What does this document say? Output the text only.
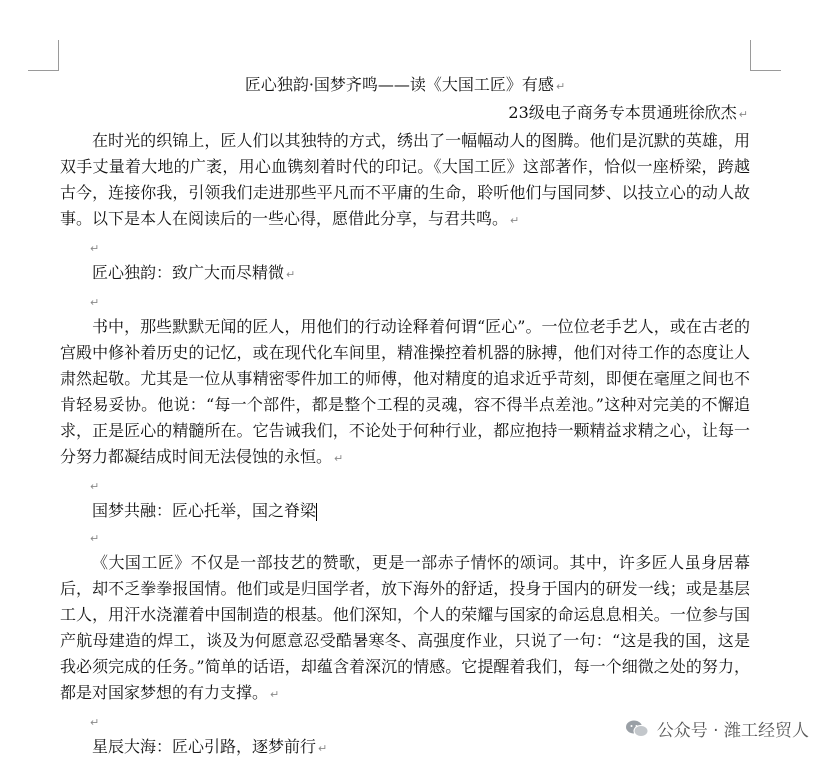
匠心独韵·国梦齐鸣——读《大国工匠》有感 ↵

23级电子商务专本贯通班徐欣杰 ↵

在时光的织锦上，匠人们以其独特的方式，绣出了一幅幅动人的图腾。他们是沉默的英雄，用双手丈量着大地的广袤，用心血镌刻着时代的印记。《大国工匠》这部著作，恰似一座桥梁，跨越古今，连接你我，引领我们走进那些平凡而不平庸的生命，聆听他们与国同梦、以技立心的动人故事。以下是本人在阅读后的一些心得，愿借此分享，与君共鸣。 ↵

↵

匠心独韵：致广大而尽精微 ↵

↵

书中，那些默默无闻的匠人，用他们的行动诠释着何谓“匠心”。一位位老手艺人，或在古老的宫殿中修补着历史的记忆，或在现代化车间里，精准操控着机器的脉搏，他们对待工作的态度让人肃然起敬。尤其是一位从事精密零件加工的师傅，他对精度的追求近乎苛刻，即便在毫厘之间也不肯轻易妥协。他说：“每一个部件，都是整个工程的灵魂，容不得半点差池。”这种对完美的不懈追求，正是匠心的精髓所在。它告诫我们，不论处于何种行业，都应抱持一颗精益求精之心，让每一分努力都凝结成时间无法侵蚀的永恒。 ↵

↵

国梦共融：匠心托举，国之脊梁

↵

《大国工匠》不仅是一部技艺的赞歌，更是一部赤子情怀的颂词。其中，许多匠人虽身居幕后，却不乏拳拳报国情。他们或是归国学者，放下海外的舒适，投身于国内的研发一线；或是基层工人，用汗水浇灌着中国制造的根基。他们深知，个人的荣耀与国家的命运息息相关。一位参与国产航母建造的焊工，谈及为何愿意忍受酷暑寒冬、高强度作业，只说了一句：“这是我的国，这是我必须完成的任务。”简单的话语，却蕴含着深沉的情感。它提醒着我们，每一个细微之处的努力，都是对国家梦想的有力支撑。 ↵

↵

星辰大海：匠心引路，逐梦前行 ↵

公众号 · 潍工经贸人
